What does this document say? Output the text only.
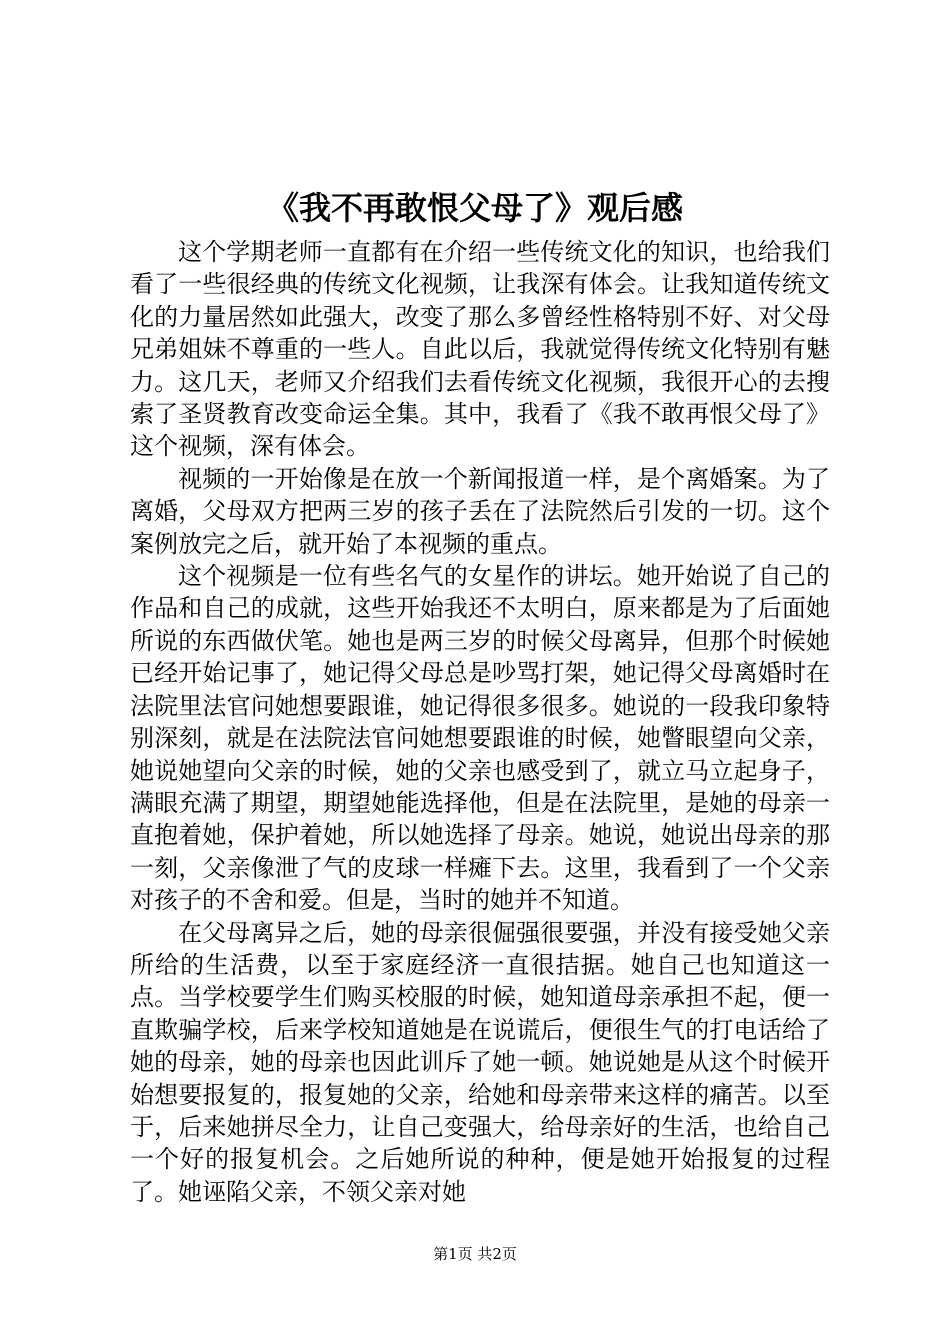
《我不再敢恨父母了》观后感

这个学期老师一直都有在介绍一些传统文化的知识，也给我们看了一些很经典的传统文化视频，让我深有体会。让我知道传统文化的力量居然如此强大，改变了那么多曾经性格特别不好、对父母兄弟姐妹不尊重的一些人。自此以后，我就觉得传统文化特别有魅力。这几天，老师又介绍我们去看传统文化视频，我很开心的去搜索了圣贤教育改变命运全集。其中，我看了《我不敢再恨父母了》这个视频，深有体会。

视频的一开始像是在放一个新闻报道一样，是个离婚案。为了离婚，父母双方把两三岁的孩子丢在了法院然后引发的一切。这个案例放完之后，就开始了本视频的重点。

这个视频是一位有些名气的女星作的讲坛。她开始说了自己的作品和自己的成就，这些开始我还不太明白，原来都是为了后面她所说的东西做伏笔。她也是两三岁的时候父母离异，但那个时候她已经开始记事了，她记得父母总是吵骂打架，她记得父母离婚时在法院里法官问她想要跟谁，她记得很多很多。她说的一段我印象特别深刻，就是在法院法官问她想要跟谁的时候，她瞥眼望向父亲，她说她望向父亲的时候，她的父亲也感受到了，就立马立起身子，满眼充满了期望，期望她能选择他，但是在法院里，是她的母亲一直抱着她，保护着她，所以她选择了母亲。她说，她说出母亲的那一刻，父亲像泄了气的皮球一样瘫下去。这里，我看到了一个父亲对孩子的不舍和爱。但是，当时的她并不知道。

在父母离异之后，她的母亲很倔强很要强，并没有接受她父亲所给的生活费，以至于家庭经济一直很拮据。她自己也知道这一点。当学校要学生们购买校服的时候，她知道母亲承担不起，便一直欺骗学校，后来学校知道她是在说谎后，便很生气的打电话给了她的母亲，她的母亲也因此训斥了她一顿。她说她是从这个时候开始想要报复的，报复她的父亲，给她和母亲带来这样的痛苦。以至于，后来她拼尽全力，让自己变强大，给母亲好的生活，也给自己一个好的报复机会。之后她所说的种种，便是她开始报复的过程了。她诬陷父亲，不领父亲对她

第1页 共2页
